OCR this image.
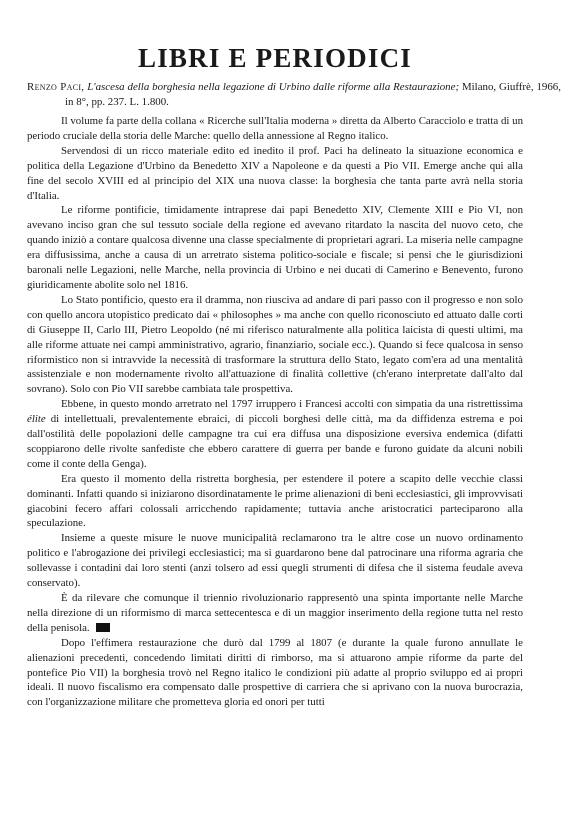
LIBRI E PERIODICI
Renzo Paci, L'ascesa della borghesia nella legazione di Urbino dalle riforme alla Restaurazione; Milano, Giuffrè, 1966, in 8°, pp. 237. L. 1.800.

Il volume fa parte della collana « Ricerche sull'Italia moderna » diretta da Alberto Caracciolo e tratta di un periodo cruciale della storia delle Marche: quello della annessione al Regno italico.

Servendosi di un ricco materiale edito ed inedito il prof. Paci ha delineato la situazione economica e politica della Legazione d'Urbino da Benedetto XIV a Napoleone e da questi a Pio VII. Emerge anche qui alla fine del secolo XVIII ed al principio del XIX una nuova classe: la borghesia che tanta parte avrà nella storia d'Italia.

Le riforme pontificie, timidamente intraprese dai papi Benedetto XIV, Clemente XIII e Pio VI, non avevano inciso gran che sul tessuto sociale della regione ed avevano ritardato la nascita del nuovo ceto, che quando iniziò a contare qualcosa divenne una classe specialmente di proprietari agrari. La miseria nelle campagne era diffusissima, anche a causa di un arretrato sistema politico-sociale e fiscale; si pensi che le giurisdizioni baronali nelle Legazioni, nelle Marche, nella provincia di Urbino e nei ducati di Camerino e Benevento, furono giuridicamente abolite solo nel 1816.

Lo Stato pontificio, questo era il dramma, non riusciva ad andare di pari passo con il progresso e non solo con quello ancora utopistico predicato dai « philosophes » ma anche con quello riconosciuto ed attuato dalle corti di Giuseppe II, Carlo III, Pietro Leopoldo (né mi riferisco naturalmente alla politica laicista di questi ultimi, ma alle riforme attuate nei campi amministrativo, agrario, finanziario, sociale ecc.). Quando si fece qualcosa in senso riformistico non si intravvide la necessità di trasformare la struttura dello Stato, legato com'era ad una mentalità assistenziale e non modernamente rivolto all'attuazione di finalità collettive (ch'erano interpretate dall'alto dal sovrano). Solo con Pio VII sarebbe cambiata tale prospettiva.

Ebbene, in questo mondo arretrato nel 1797 irruppero i Francesi accolti con simpatia da una ristrettissima élite di intellettuali, prevalentemente ebraici, di piccoli borghesi delle città, ma da diffidenza estrema e poi dall'ostilità delle popolazioni delle campagne tra cui era diffusa una disposizione eversiva endemica (difatti scoppiarono delle rivolte sanfediste che ebbero carattere di guerra per bande e furono guidate da alcuni nobili come il conte della Genga).

Era questo il momento della ristretta borghesia, per estendere il potere a scapito delle vecchie classi dominanti. Infatti quando si iniziarono disordinatamente le prime alienazioni di beni ecclesiastici, gli improvvisati giacobini fecero affari colossali arricchendo rapidamente; tuttavia anche aristocratici parteciparono alla speculazione.

Insieme a queste misure le nuove municipalità reclamarono tra le altre cose un nuovo ordinamento politico e l'abrogazione dei privilegi ecclesiastici; ma si guardarono bene dal patrocinare una riforma agraria che sollevasse i contadini dai loro stenti (anzi tolsero ad essi quegli strumenti di difesa che il sistema feudale aveva conservato).

È da rilevare che comunque il triennio rivoluzionario rappresentò una spinta importante nelle Marche nella direzione di un riformismo di marca settecentesca e di un maggior inserimento della regione tutta nel resto della penisola.

Dopo l'effimera restaurazione che durò dal 1799 al 1807 (e durante la quale furono annullate le alienazioni precedenti, concedendo limitati diritti di rimborso, ma si attuarono ampie riforme da parte del pontefice Pio VII) la borghesia trovò nel Regno italico le condizioni più adatte al proprio sviluppo ed ai propri ideali. Il nuovo fiscalismo era compensato dalle prospettive di carriera che si aprivano con la nuova burocrazia, con l'organizzazione militare che prometteva gloria ed onori per tutti
